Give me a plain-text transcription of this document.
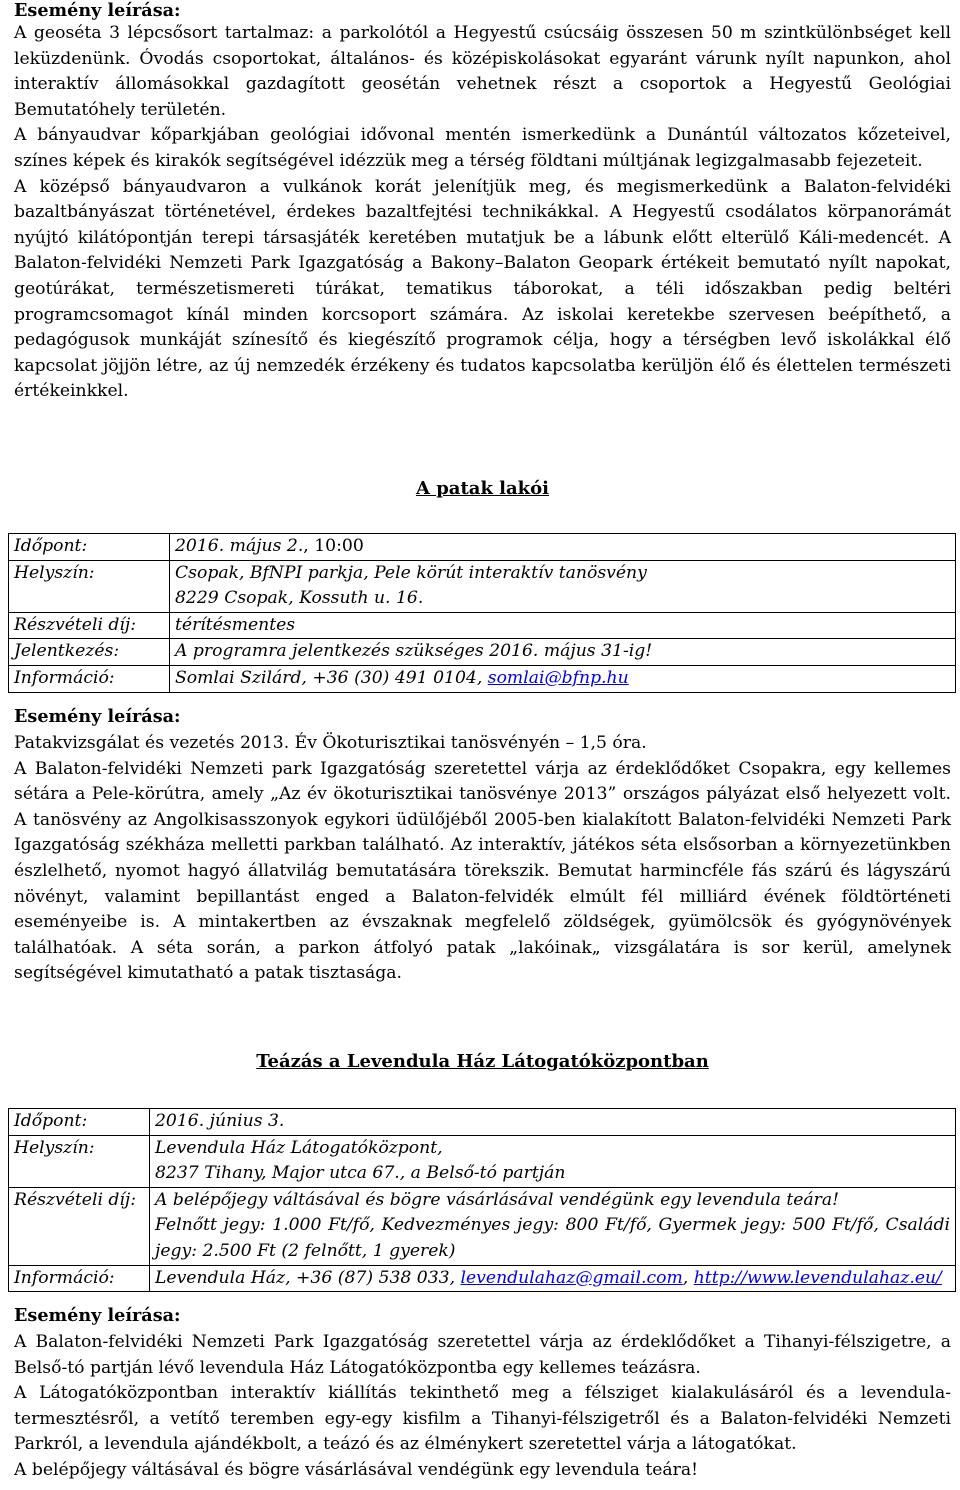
Esemény leírása:

A geoséta 3 lépcsősort tartalmaz: a parkolótól a Hegyestű csúcsáig összesen 50 m szintkülönbséget kell leküzdenünk. Óvodás csoportokat, általános- és középiskolásokat egyaránt várunk nyílt napunkon, ahol interaktív állomásokkal gazdagított geosétán vehetnek részt a csoportok a Hegyestű Geológiai Bemutatóhely területén.

A bányaudvar kőparkjában geológiai idővonal mentén ismerkedünk a Dunántúl változatos kőzeteivel, színes képek és kirakók segítségével idézzük meg a térség földtani múltjának legizgalmasabb fejezeteit.

A középső bányaudvaron a vulkánok korát jelenítjük meg, és megismerkedünk a Balaton-felvidéki bazaltbányászat történetével, érdekes bazaltfejtési technikákkal. A Hegyestű csodálatos körpanorámát nyújtó kilátópontján terepi társasjáték keretében mutatjuk be a lábunk előtt elterülő Káli-medencét. A Balaton-felvidéki Nemzeti Park Igazgatóság a Bakony–Balaton Geopark értékeit bemutató nyílt napokat, geotúrákat, természetismereti túrákat, tematikus táborokat, a téli időszakban pedig beltéri programcsomagot kínál minden korcsoport számára. Az iskolai keretekbe szervesen beépíthető, a pedagógusok munkáját színesítő és kiegészítő programok célja, hogy a térségben levő iskolákkal élő kapcsolat jöjjön létre, az új nemzedék érzékeny és tudatos kapcsolatba kerüljön élő és élettelen természeti értékeinkkel.

A patak lakói

Időpont:	2016. május 2., 10:00
Helyszín:	Csopak, BfNPI parkja, Pele körút interaktív tanösvény
8229 Csopak, Kossuth u. 16.

Részvételi díj:	térítésmentes
Jelentkezés:	A programra jelentkezés szükséges 2016. május 31-ig!
Információ:	Somlai Szilárd, +36 (30) 491 0104, somlai@bfnp.hu
Esemény leírása:

Patakvizsgálat és vezetés 2013. Év Ökoturisztikai tanösvényén – 1,5 óra.

A Balaton-felvidéki Nemzeti park Igazgatóság szeretettel várja az érdeklődőket Csopakra, egy kellemes sétára a Pele-körútra, amely „Az év ökoturisztikai tanösvénye 2013” országos pályázat első helyezett volt. A tanösvény az Angolkisasszonyok egykori üdülőjéből 2005-ben kialakított Balaton-felvidéki Nemzeti Park Igazgatóság székháza melletti parkban található. Az interaktív, játékos séta elsősorban a környezetünkben észlelhető, nyomot hagyó állatvilág bemutatására törekszik. Bemutat harmincféle fás szárú és lágyszárú növényt, valamint bepillantást enged a Balaton-felvidék elmúlt fél milliárd évének földtörténeti eseményeibe is. A mintakertben az évszaknak megfelelő zöldségek, gyümölcsök és gyógynövények találhatóak. A séta során, a parkon átfolyó patak „lakóinak„ vizsgálatára is sor kerül, amelynek segítségével kimutatható a patak tisztasága.

Teázás a Levendula Ház Látogatóközpontban

Időpont:	2016. június 3.
Helyszín:	Levendula Ház Látogatóközpont,
8237 Tihany, Major utca 67., a Belső-tó partján

Részvételi díj:	A belépőjegy váltásával és bögre vásárlásával vendégünk egy levendula teára!
Felnőtt jegy: 1.000 Ft/fő, Kedvezményes jegy: 800 Ft/fő, Gyermek jegy: 500 Ft/fő, Családi jegy: 2.500 Ft (2 felnőtt, 1 gyerek)

Információ:	Levendula Ház, +36 (87) 538 033, levendulahaz@gmail.com, http://www.levendulahaz.eu/
Esemény leírása:

A Balaton-felvidéki Nemzeti Park Igazgatóság szeretettel várja az érdeklődőket a Tihanyi-félszigetre, a Belső-tó partján lévő levendula Ház Látogatóközpontba egy kellemes teázásra.

A Látogatóközpontban interaktív kiállítás tekinthető meg a félsziget kialakulásáról és a levendula-termesztésről, a vetítő teremben egy-egy kisfilm a Tihanyi-félszigetről és a Balaton-felvidéki Nemzeti Parkról, a levendula ajándékbolt, a teázó és az élménykert szeretettel várja a látogatókat.

A belépőjegy váltásával és bögre vásárlásával vendégünk egy levendula teára!
